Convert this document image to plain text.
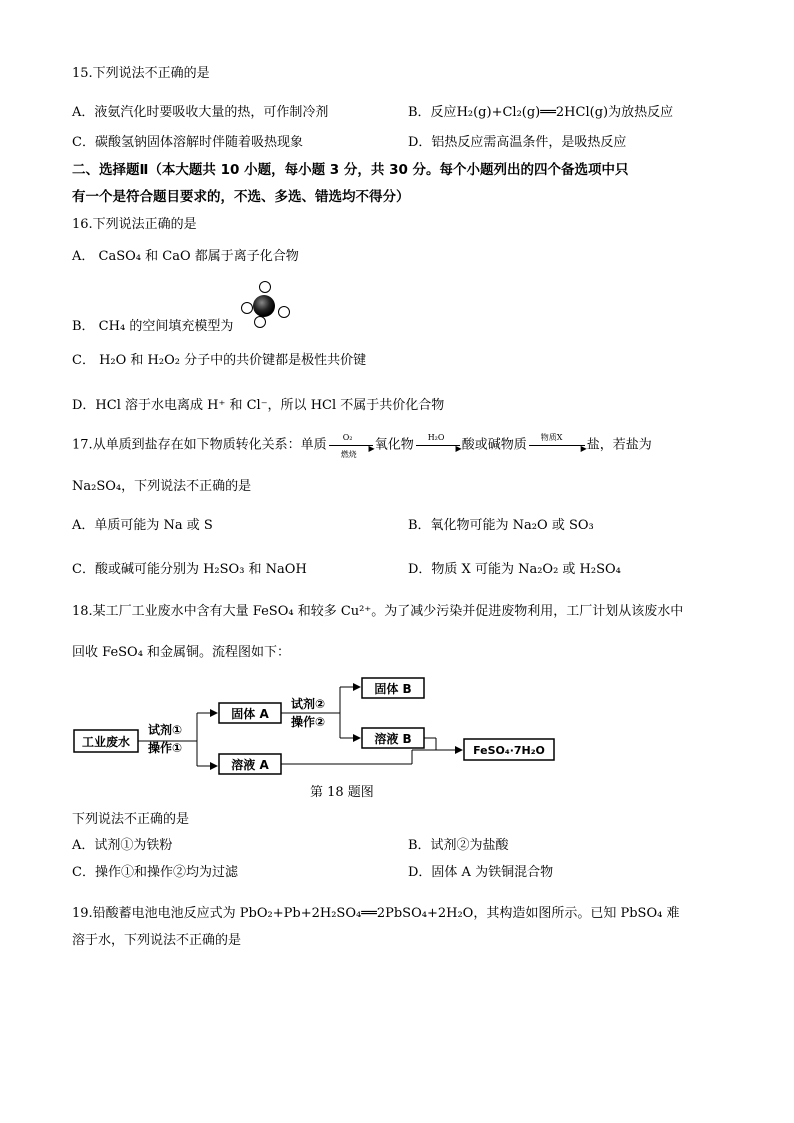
15.下列说法不正确的是
A．液氨汽化时要吸收大量的热，可作制冷剂	B．反应H₂(g)+Cl₂(g)══2HCl(g)为放热反应
C．碳酸氢钠固体溶解时伴随着吸热现象	D．铝热反应需高温条件，是吸热反应
二、选择题Ⅱ（本大题共 10 小题，每小题 3 分，共 30 分。每个小题列出的四个备选项中只
有一个是符合题目要求的，不选、多选、错选均不得分）
16.下列说法正确的是
A． CaSO₄ 和 CaO 都属于离子化合物
B． CH₄ 的空间填充模型为
C． H₂O 和 H₂O₂ 分子中的共价键都是极性共价键
D．HCl 溶于水电离成 H⁺ 和 Cl⁻，所以 HCl 不属于共价化合物
17.从单质到盐存在如下物质转化关系：单质 O₂
▶
燃烧
氧化物 H₂O
▶ 酸或碱物质 物质X
▶ 盐，若盐为
Na₂SO₄，下列说法不正确的是
A．单质可能为 Na 或 S	B．氧化物可能为 Na₂O 或 SO₃
C．酸或碱可能分别为 H₂SO₃ 和 NaOH	D．物质 X 可能为 Na₂O₂ 或 H₂SO₄
18.某工厂工业废水中含有大量 FeSO₄ 和较多 Cu²⁺。为了减少污染并促进废物利用，工厂计划从该废水中
回收 FeSO₄ 和金属铜。流程图如下：
工业废水
试剂①
操作①
固体 A
溶液 A
试剂②
操作②
固体 B
溶液 B
FeSO₄·7H₂O
第 18 题图
下列说法不正确的是
A．试剂①为铁粉	B．试剂②为盐酸
C．操作①和操作②均为过滤	D．固体 A 为铁铜混合物
19.铅酸蓄电池电池反应式为 PbO₂+Pb+2H₂SO₄══2PbSO₄+2H₂O，其构造如图所示。已知 PbSO₄ 难
溶于水，下列说法不正确的是
